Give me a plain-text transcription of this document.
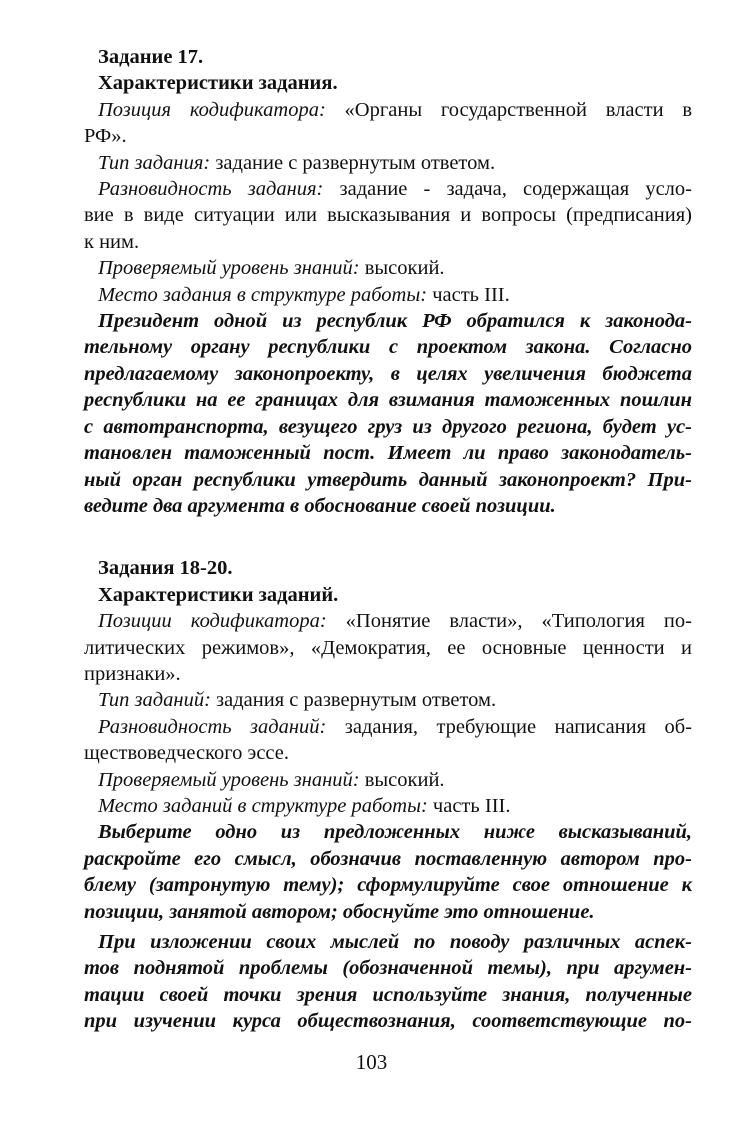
Задание 17.
Характеристики задания.
Позиция кодификатора: «Органы государственной власти в
РФ».
Тип задания: задание с развернутым ответом.
Разновидность задания: задание - задача, содержащая усло-
вие в виде ситуации или высказывания и вопросы (предписания)
к ним.
Проверяемый уровень знаний: высокий.
Место задания в структуре работы: часть III.
Президент одной из республик РФ обратился к законода-
тельному органу республики с проектом закона. Согласно
предлагаемому законопроекту, в целях увеличения бюджета
республики на ее границах для взимания таможенных пошлин
с автотранспорта, везущего груз из другого региона, будет ус-
тановлен таможенный пост. Имеет ли право законодатель-
ный орган республики утвердить данный законопроект? При-
ведите два аргумента в обоснование своей позиции.
Задания 18-20.
Характеристики заданий.
Позиции кодификатора: «Понятие власти», «Типология по-
литических режимов», «Демократия, ее основные ценности и
признаки».
Тип заданий: задания с развернутым ответом.
Разновидность заданий: задания, требующие написания об-
ществоведческого эссе.
Проверяемый уровень знаний: высокий.
Место заданий в структуре работы: часть III.
Выберите одно из предложенных ниже высказываний,
раскройте его смысл, обозначив поставленную автором про-
блему (затронутую тему); сформулируйте свое отношение к
позиции, занятой автором; обоснуйте это отношение.
При изложении своих мыслей по поводу различных аспек-
тов поднятой проблемы (обозначенной темы), при аргумен-
тации своей точки зрения используйте знания, полученные
при изучении курса обществознания, соответствующие по-
103
